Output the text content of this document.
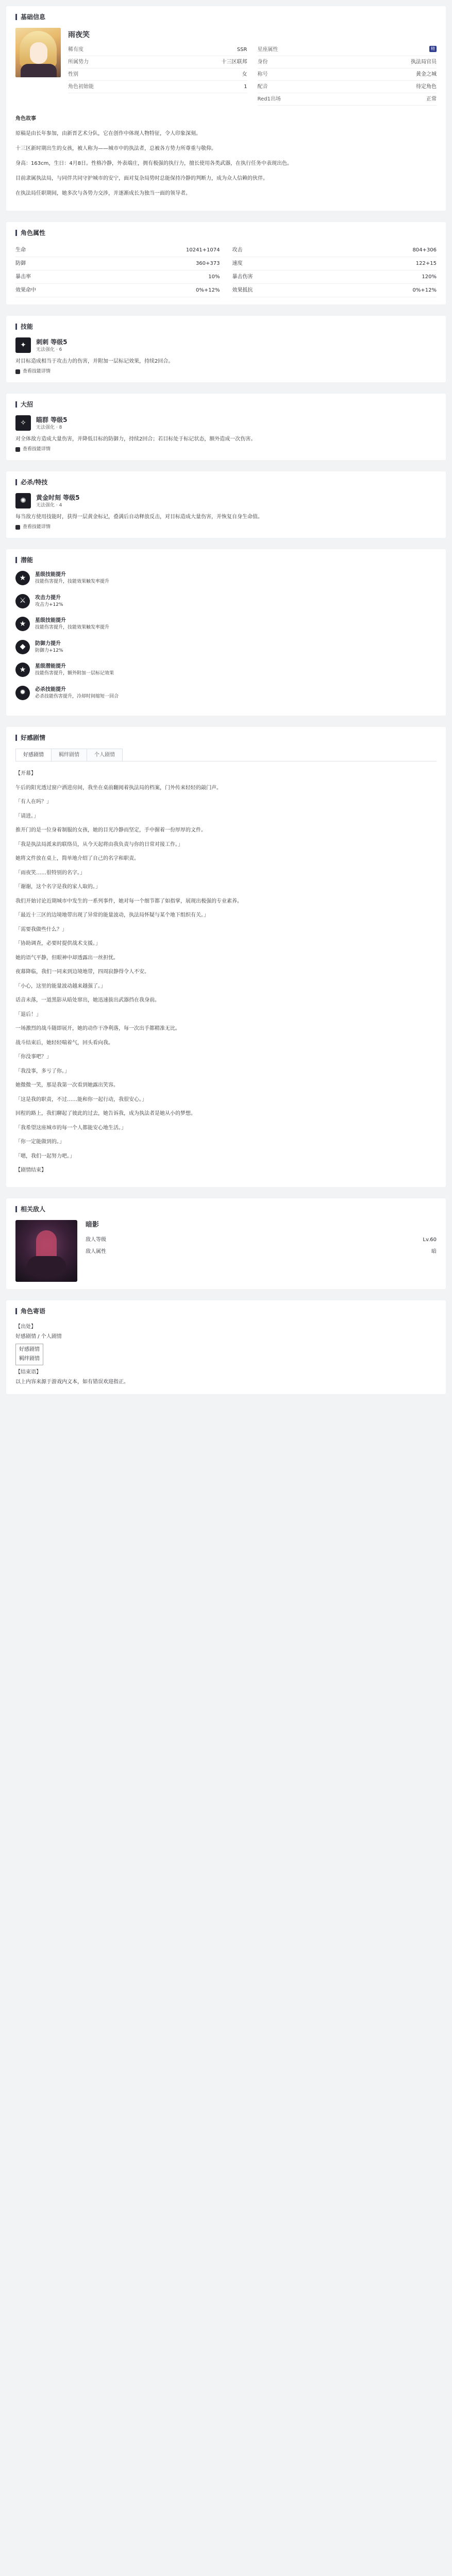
基础信息
雨夜笑
稀有度	SSR
所属势力	十三区联邦
性别	女
角色初始能	1
星座属性	精
身份	执法局官员
称号	黄金之城
配音	待定角色
Red1出场	正常

角色故事

原稿是由长年参加，由新晋艺术分队，它在创作中体现人物特征，令人印象深刻。

十三区新时期出生的女孩，被人称为——城市中的执法者，总被各方势力所尊重与敬仰。

身高：163cm，生日：4月8日。性格冷静，外表端庄，拥有极强的执行力，擅长使用各类武器，在执行任务中表现出色。

目前隶属执法局，与同伴共同守护城市的安宁，面对复杂局势时总能保持冷静的判断力，成为众人信赖的伙伴。

在执法局任职期间，她多次与各势力交涉，并逐渐成长为独当一面的领导者。

角色属性
生命	10241+1074 攻击	804+306
防御	360+373 速度	122+15
暴击率	10% 暴击伤害	120%
效果命中	0%+12% 效果抵抗	0%+12%
技能
✦	刺刺 等级5
无法强化 · 6
对目标造成相当于攻击力的伤害，并附加一层标记效果，持续2回合。
查看技能详情
大招
✧	瞄群 等级5
无法强化 · 8
对全体敌方造成大量伤害，并降低目标的防御力，持续2回合；若目标处于标记状态，额外造成一次伤害。
查看技能详情
必杀/特技
✺	黄金时刻 等级5
无法强化 · 4
每当敌方使用技能时，获得一层黄金标记，叠满后自动释放反击，对目标造成大量伤害，并恢复自身生命值。
查看技能详情
潜能
★	星级技能提升
技能伤害提升，技能效果触发率提升
⚔	攻击力提升
攻击力+12%
★	星级技能提升
技能伤害提升，技能效果触发率提升
◆	防御力提升
防御力+12%
★	星级潜能提升
技能伤害提升，额外附加一层标记效果
✹	必杀技能提升
必杀技能伤害提升，冷却时间缩短一回合
好感剧情
好感剧情	羁绊剧情	个人剧情

【开幕】

午后的阳光透过窗户洒进房间，我坐在桌前翻阅着执法局的档案，门外传来轻轻的敲门声。

「有人在吗？」

「请进。」

推开门的是一位身着制服的女孩，她的目光冷静而坚定，手中握着一份厚厚的文件。

「我是执法局派来的联络员，从今天起将由我负责与你的日常对接工作。」

她将文件放在桌上，简单地介绍了自己的名字和职责。

「雨夜笑……很特别的名字。」

「谢谢，这个名字是我的家人取的。」

我们开始讨论近期城市中发生的一系列事件，她对每一个细节都了如指掌，展现出极强的专业素养。

「最近十三区的边境地带出现了异常的能量波动，执法局怀疑与某个地下组织有关。」

「需要我做些什么？」

「协助调查，必要时提供战术支援。」

她的语气平静，但眼神中却透露出一丝担忧。

夜幕降临，我们一同来到边境地带，四周寂静得令人不安。

「小心，这里的能量波动越来越强了。」

话音未落，一道黑影从暗处窜出，她迅速拔出武器挡在我身前。

「退后！」

一场激烈的战斗随即展开，她的动作干净利落，每一次出手都精准无比。

战斗结束后，她轻轻喘着气，回头看向我。

「你没事吧？」

「我没事，多亏了你。」

她微微一笑，那是我第一次看到她露出笑容。

「这是我的职责，不过……能和你一起行动，我很安心。」

回程的路上，我们聊起了彼此的过去，她告诉我，成为执法者是她从小的梦想。

「我希望这座城市的每一个人都能安心地生活。」

「你一定能做到的。」

「嗯，我们一起努力吧。」

【剧情结束】

相关敌人
暗影
敌人等级	Lv.60
敌人属性	暗
角色寄语

【出处】

好感剧情 / 个人剧情

好感剧情
羁绊剧情

【结束语】

以上内容来源于游戏内文本，如有错误欢迎指正。
